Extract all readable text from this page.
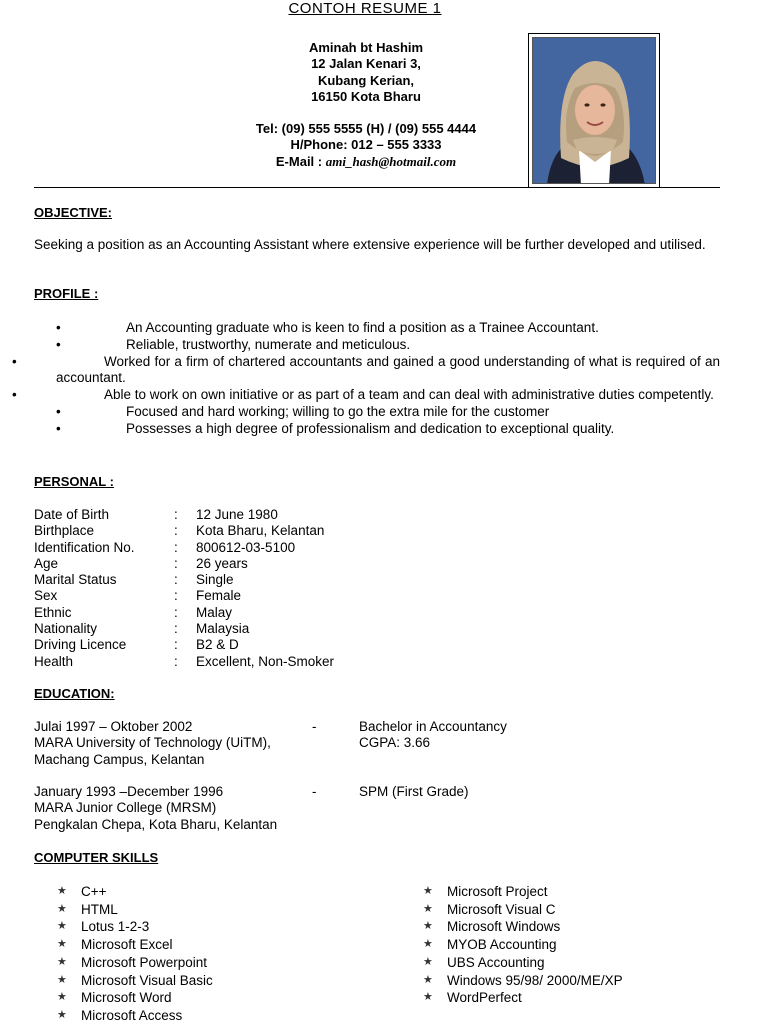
CONTOH RESUME 1
Aminah bt Hashim
12 Jalan Kenari 3,
Kubang Kerian,
16150 Kota Bharu
Tel: (09) 555 5555 (H) / (09) 555 4444
H/Phone: 012 – 555 3333
E-Mail : ami_hash@hotmail.com
OBJECTIVE:
Seeking a position as an Accounting Assistant where extensive experience will be further developed and utilised.
PROFILE :
•	An Accounting graduate who is keen to find a position as a Trainee Accountant.
•	Reliable, trustworthy, numerate and meticulous.
•	Worked for a firm of chartered accountants and gained a good understanding of what is required of an accountant.
•	Able to work on own initiative or as part of a team and can deal with administrative duties competently.
•	Focused and hard working; willing to go the extra mile for the customer
•	Possesses a high degree of professionalism and dedication to exceptional quality.
PERSONAL :
Date of Birth	:	12 June 1980
Birthplace	:	Kota Bharu, Kelantan
Identification No.	:	800612-03-5100
Age	:	26 years
Marital Status	:	Single
Sex	:	Female
Ethnic	:	Malay
Nationality	:	Malaysia
Driving Licence	:	B2 & D
Health	:	Excellent, Non-Smoker
EDUCATION:
Julai 1997 – Oktober 2002	-	Bachelor in Accountancy
MARA University of Technology (UiTM),	CGPA: 3.66
Machang Campus, Kelantan
January 1993 –December 1996	-	SPM (First Grade)
MARA Junior College (MRSM)
Pengkalan Chepa, Kota Bharu, Kelantan
COMPUTER SKILLS
★	C++
★	HTML
★	Lotus 1-2-3
★	Microsoft Excel
★	Microsoft Powerpoint
★	Microsoft Visual Basic
★	Microsoft Word
★	Microsoft Access
★	Microsoft Project
★	Microsoft Visual C
★	Microsoft Windows
★	MYOB Accounting
★	UBS Accounting
★	Windows 95/98/ 2000/ME/XP
★	WordPerfect
